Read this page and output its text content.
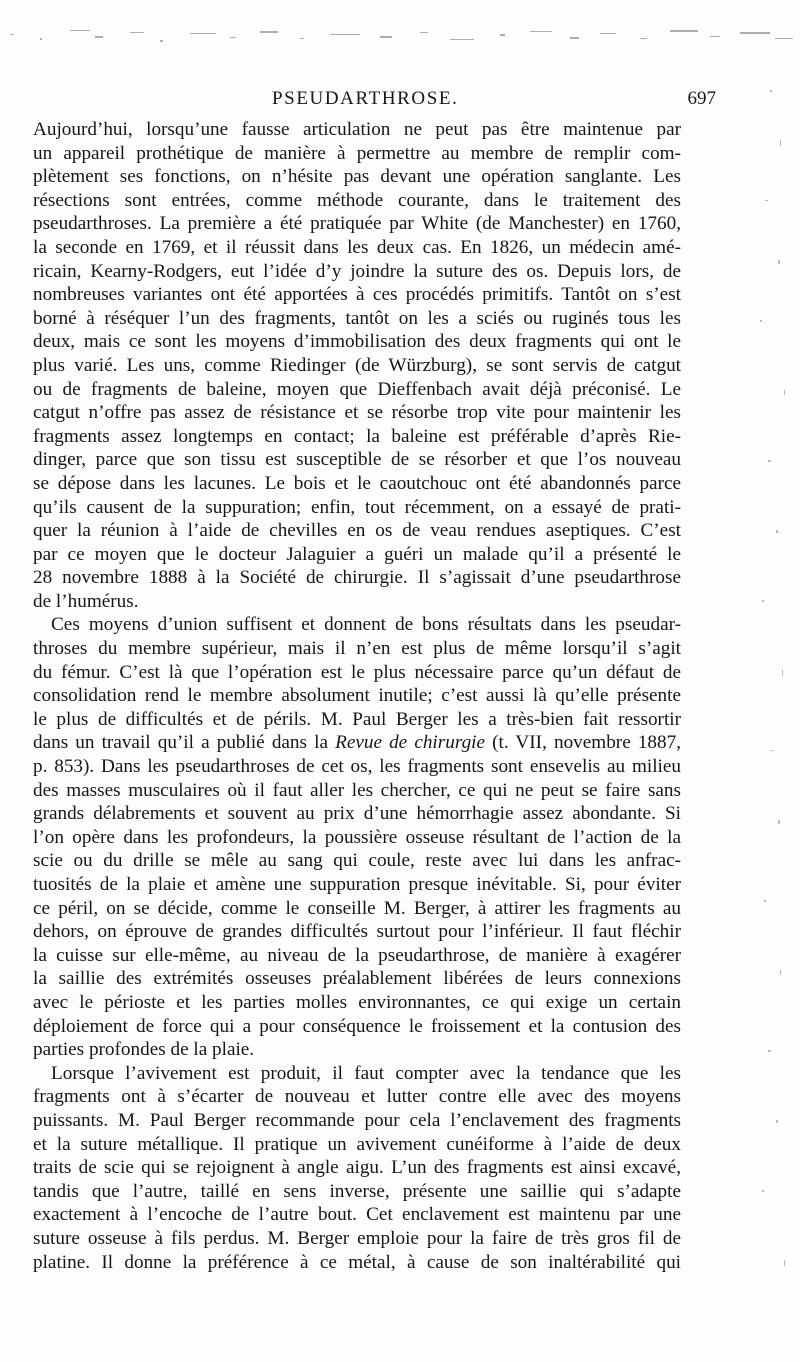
PSEUDARTHROSE.	697
Aujourd’hui, lorsqu’une fausse articulation ne peut pas être maintenue par
un appareil prothétique de manière à permettre au membre de remplir com-
plètement ses fonctions, on n’hésite pas devant une opération sanglante. Les
résections sont entrées, comme méthode courante, dans le traitement des
pseudarthroses. La première a été pratiquée par White (de Manchester) en 1760,
la seconde en 1769, et il réussit dans les deux cas. En 1826, un médecin amé-
ricain, Kearny-Rodgers, eut l’idée d’y joindre la suture des os. Depuis lors, de
nombreuses variantes ont été apportées à ces procédés primitifs. Tantôt on s’est
borné à réséquer l’un des fragments, tantôt on les a sciés ou ruginés tous les
deux, mais ce sont les moyens d’immobilisation des deux fragments qui ont le
plus varié. Les uns, comme Riedinger (de Würzburg), se sont servis de catgut
ou de fragments de baleine, moyen que Dieffenbach avait déjà préconisé. Le
catgut n’offre pas assez de résistance et se résorbe trop vite pour maintenir les
fragments assez longtemps en contact; la baleine est préférable d’après Rie-
dinger, parce que son tissu est susceptible de se résorber et que l’os nouveau
se dépose dans les lacunes. Le bois et le caoutchouc ont été abandonnés parce
qu’ils causent de la suppuration; enfin, tout récemment, on a essayé de prati-
quer la réunion à l’aide de chevilles en os de veau rendues aseptiques. C’est
par ce moyen que le docteur Jalaguier a guéri un malade qu’il a présenté le
28 novembre 1888 à la Société de chirurgie. Il s’agissait d’une pseudarthrose
de l’humérus.
Ces moyens d’union suffisent et donnent de bons résultats dans les pseudar-
throses du membre supérieur, mais il n’en est plus de même lorsqu’il s’agit
du fémur. C’est là que l’opération est le plus nécessaire parce qu’un défaut de
consolidation rend le membre absolument inutile; c’est aussi là qu’elle présente
le plus de difficultés et de périls. M. Paul Berger les a très-bien fait ressortir
dans un travail qu’il a publié dans la Revue de chirurgie (t. VII, novembre 1887,
p. 853). Dans les pseudarthroses de cet os, les fragments sont ensevelis au milieu
des masses musculaires où il faut aller les chercher, ce qui ne peut se faire sans
grands délabrements et souvent au prix d’une hémorrhagie assez abondante. Si
l’on opère dans les profondeurs, la poussière osseuse résultant de l’action de la
scie ou du drille se mêle au sang qui coule, reste avec lui dans les anfrac-
tuosités de la plaie et amène une suppuration presque inévitable. Si, pour éviter
ce péril, on se décide, comme le conseille M. Berger, à attirer les fragments au
dehors, on éprouve de grandes difficultés surtout pour l’inférieur. Il faut fléchir
la cuisse sur elle-même, au niveau de la pseudarthrose, de manière à exagérer
la saillie des extrémités osseuses préalablement libérées de leurs connexions
avec le périoste et les parties molles environnantes, ce qui exige un certain
déploiement de force qui a pour conséquence le froissement et la contusion des
parties profondes de la plaie.
Lorsque l’avivement est produit, il faut compter avec la tendance que les
fragments ont à s’écarter de nouveau et lutter contre elle avec des moyens
puissants. M. Paul Berger recommande pour cela l’enclavement des fragments
et la suture métallique. Il pratique un avivement cunéiforme à l’aide de deux
traits de scie qui se rejoignent à angle aigu. L’un des fragments est ainsi excavé,
tandis que l’autre, taillé en sens inverse, présente une saillie qui s’adapte
exactement à l’encoche de l’autre bout. Cet enclavement est maintenu par une
suture osseuse à fils perdus. M. Berger emploie pour la faire de très gros fil de
platine. Il donne la préférence à ce métal, à cause de son inaltérabilité qui
